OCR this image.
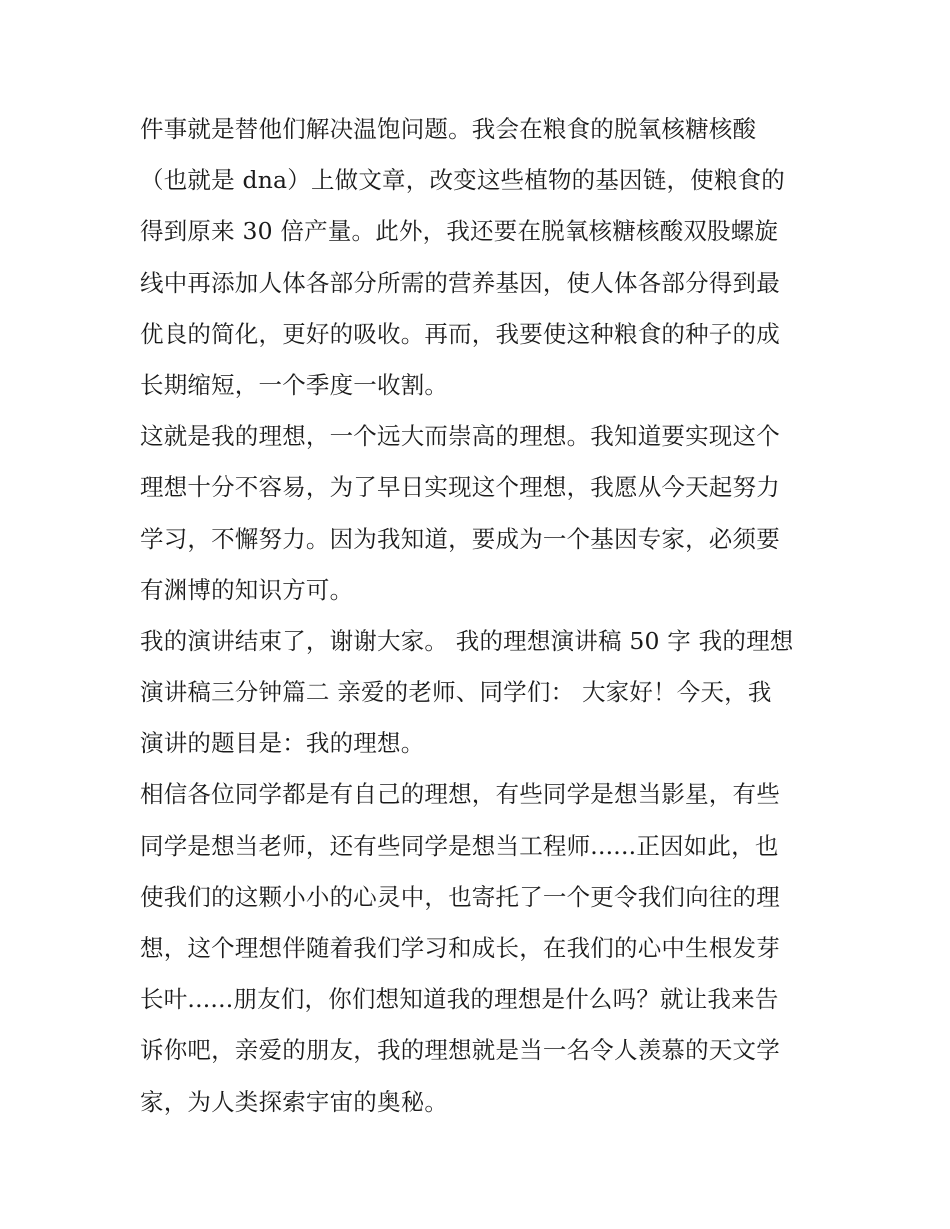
件事就是替他们解决温饱问题。我会在粮食的脱氧核糖核酸
（也就是 dna）上做文章，改变这些植物的基因链，使粮食的
得到原来 30 倍产量。此外，我还要在脱氧核糖核酸双股螺旋
线中再添加人体各部分所需的营养基因，使人体各部分得到最
优良的简化，更好的吸收。再而，我要使这种粮食的种子的成
长期缩短，一个季度一收割。

这就是我的理想，一个远大而崇高的理想。我知道要实现这个
理想十分不容易，为了早日实现这个理想，我愿从今天起努力
学习，不懈努力。因为我知道，要成为一个基因专家，必须要
有渊博的知识方可。

我的演讲结束了，谢谢大家。 我的理想演讲稿 50 字 我的理想
演讲稿三分钟篇二 亲爱的老师、同学们： 大家好！今天，我
演讲的题目是：我的理想。

相信各位同学都是有自己的理想，有些同学是想当影星，有些
同学是想当老师，还有些同学是想当工程师......正因如此，也
使我们的这颗小小的心灵中，也寄托了一个更令我们向往的理
想，这个理想伴随着我们学习和成长，在我们的心中生根发芽
长叶......朋友们，你们想知道我的理想是什么吗？就让我来告
诉你吧，亲爱的朋友，我的理想就是当一名令人羡慕的天文学
家，为人类探索宇宙的奥秘。
